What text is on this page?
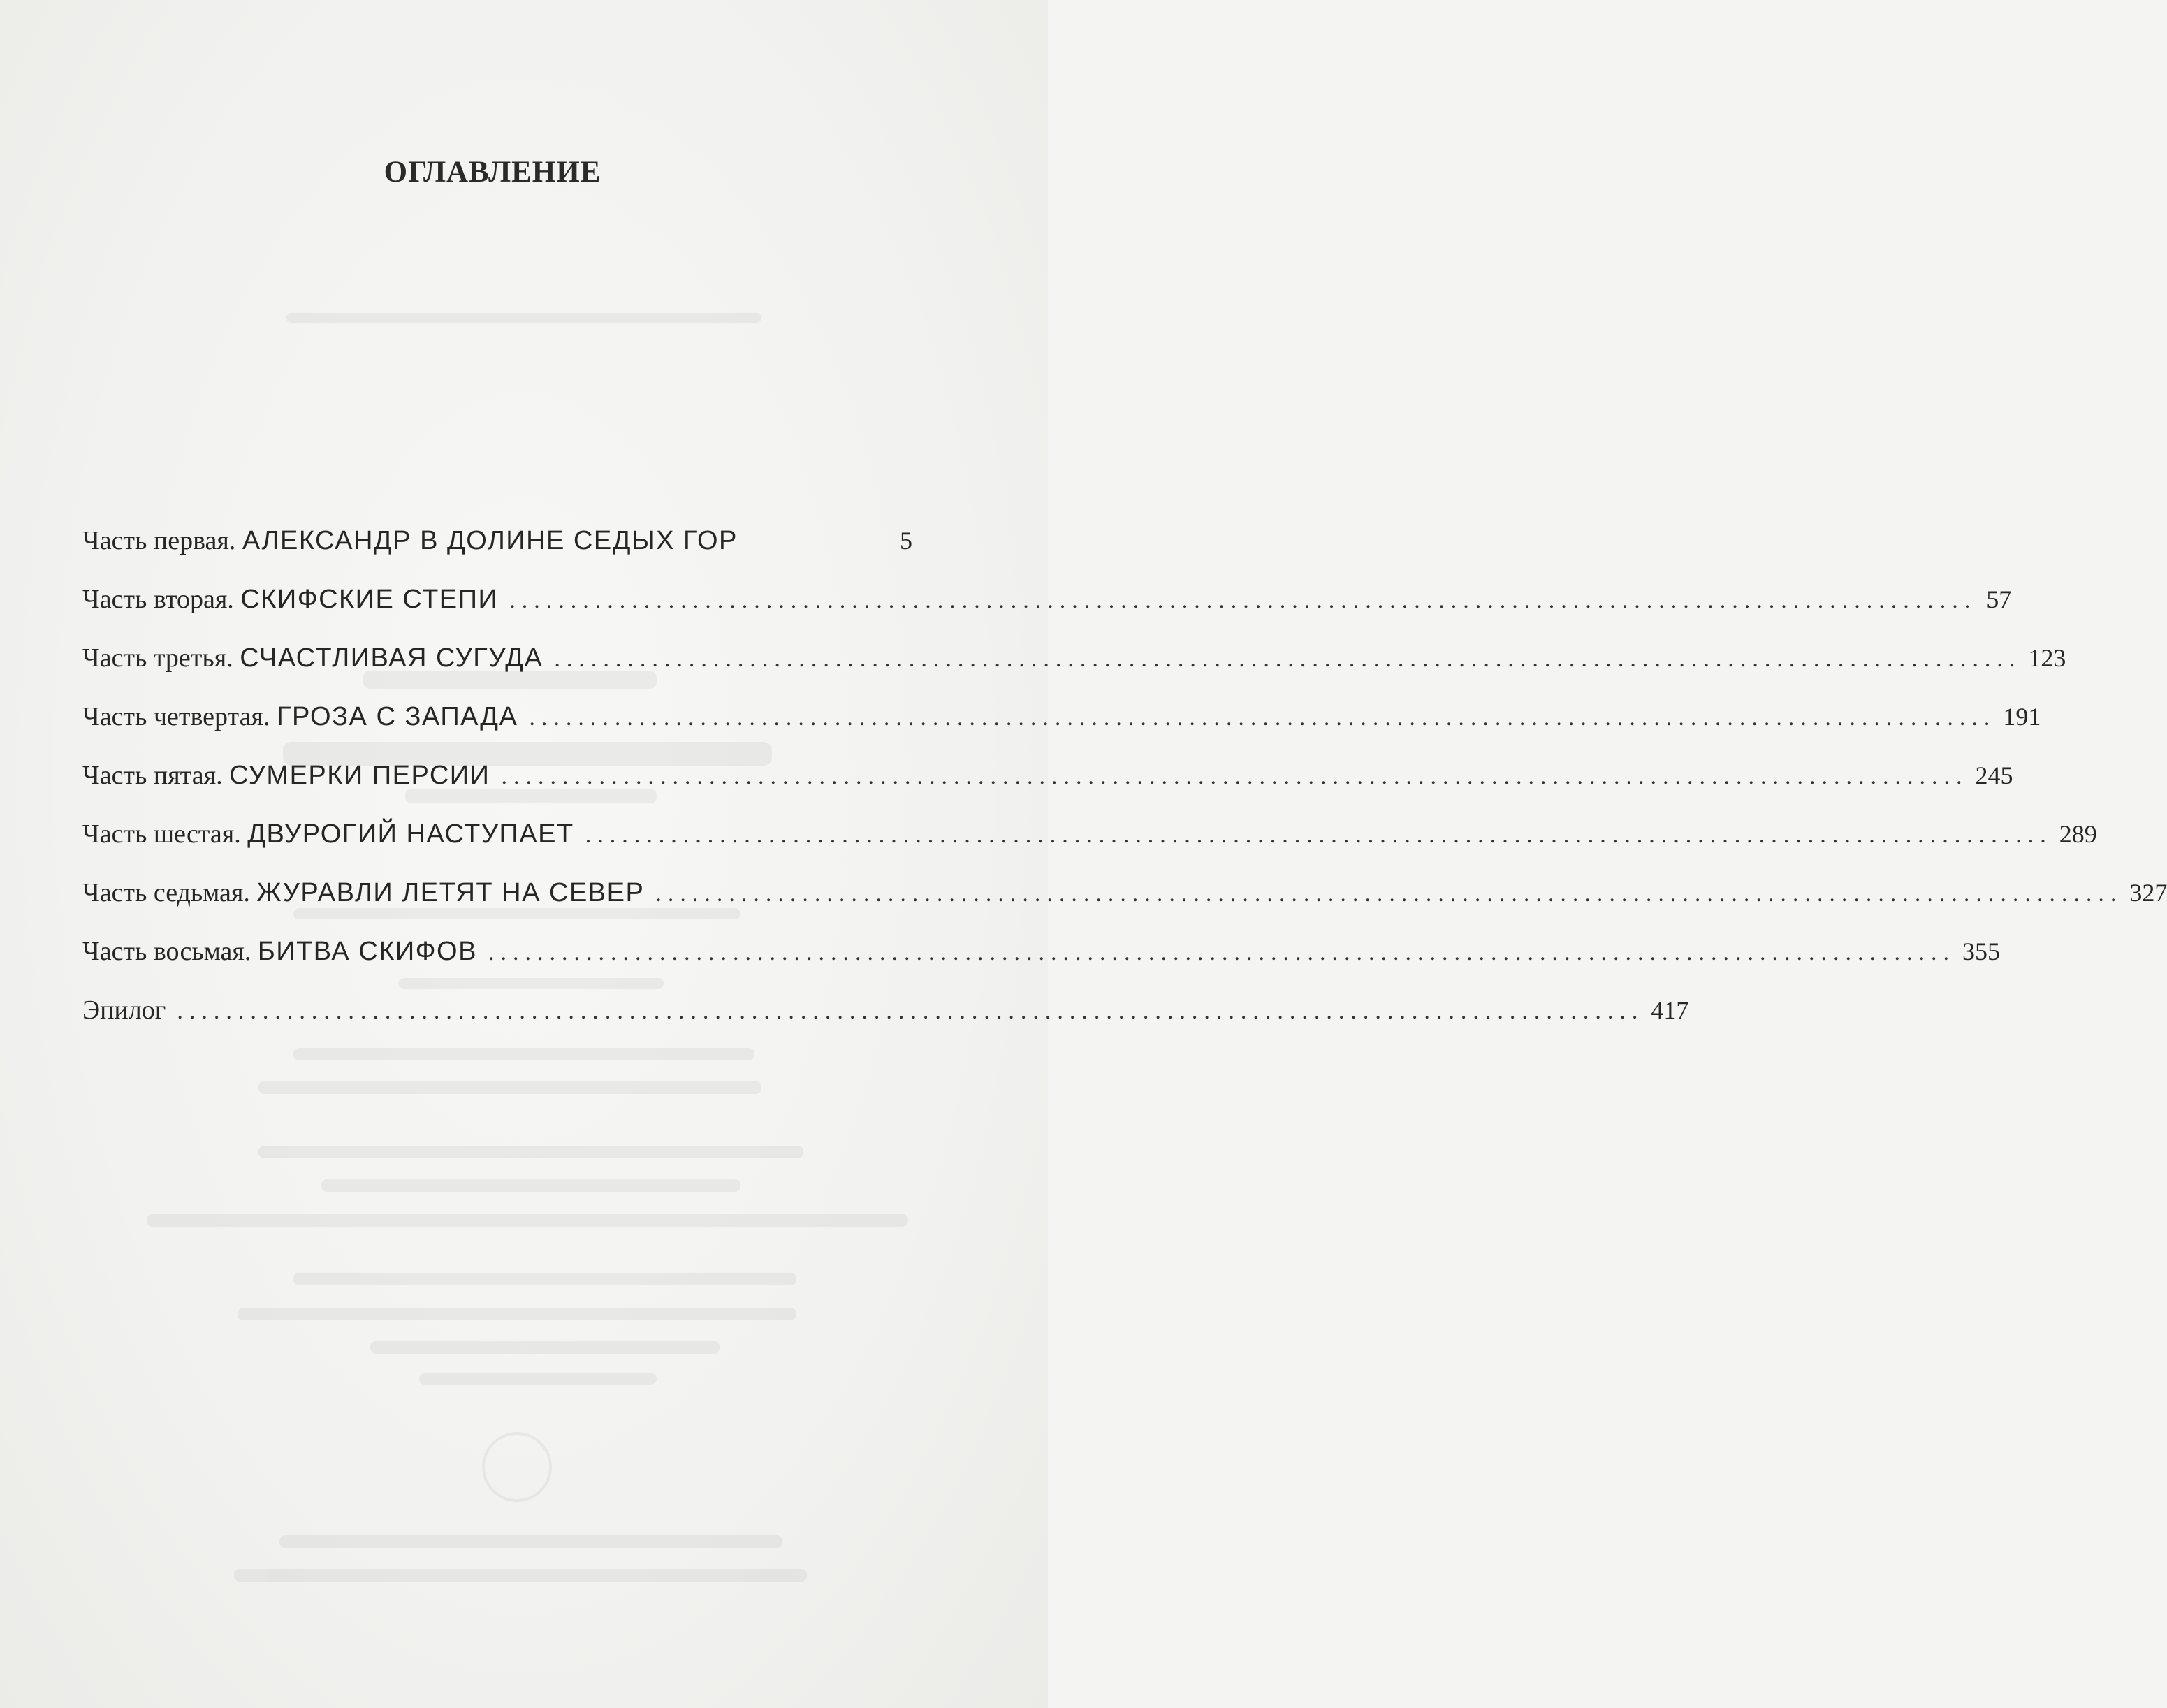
ОГЛАВЛЕНИЕ
Часть первая.
АЛЕКСАНДР В ДОЛИНЕ СЕДЫХ ГОР	5
Часть вторая.
СКИФСКИЕ СТЕПИ ........................................................................................................................ 57
Часть третья.
СЧАСТЛИВАЯ СУГУДА ........................................................................................................................ 123
Часть четвертая.
ГРОЗА С ЗАПАДА ........................................................................................................................ 191
Часть пятая.
СУМЕРКИ ПЕРСИИ ........................................................................................................................ 245
Часть шестая.
ДВУРОГИЙ НАСТУПАЕТ ........................................................................................................................ 289
Часть седьмая.
ЖУРАВЛИ ЛЕТЯТ НА СЕВЕР ........................................................................................................................ 327
Часть восьмая.
БИТВА СКИФОВ ........................................................................................................................ 355
Эпилог ........................................................................................................................ 417
